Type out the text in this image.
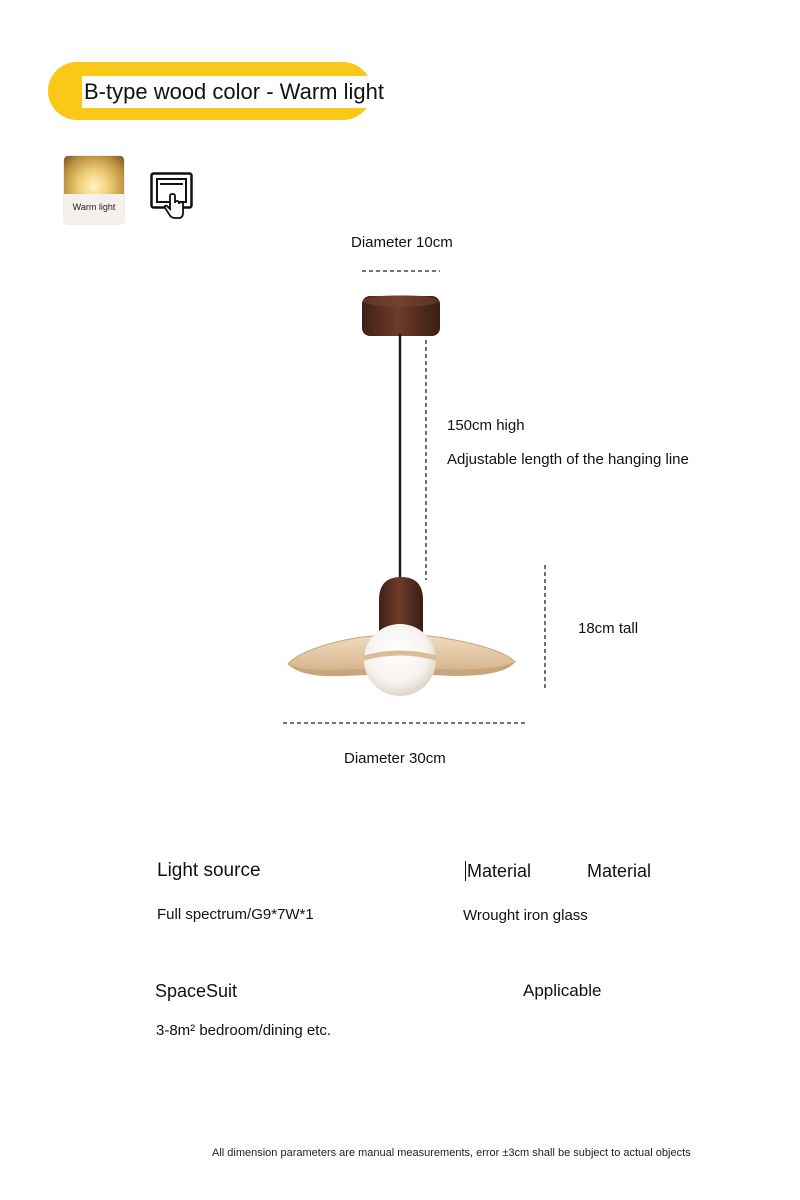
B-type wood color - Warm light
Warm light
Diameter 10cm
150cm high
Adjustable length of the hanging line
18cm tall
Diameter 30cm
Light source	Material	Material
Full spectrum/G9*7W*1	Wrought iron glass
SpaceSuit	Applicable
3-8m² bedroom/dining etc.
All dimension parameters are manual measurements, error ±3cm shall be subject to actual objects
